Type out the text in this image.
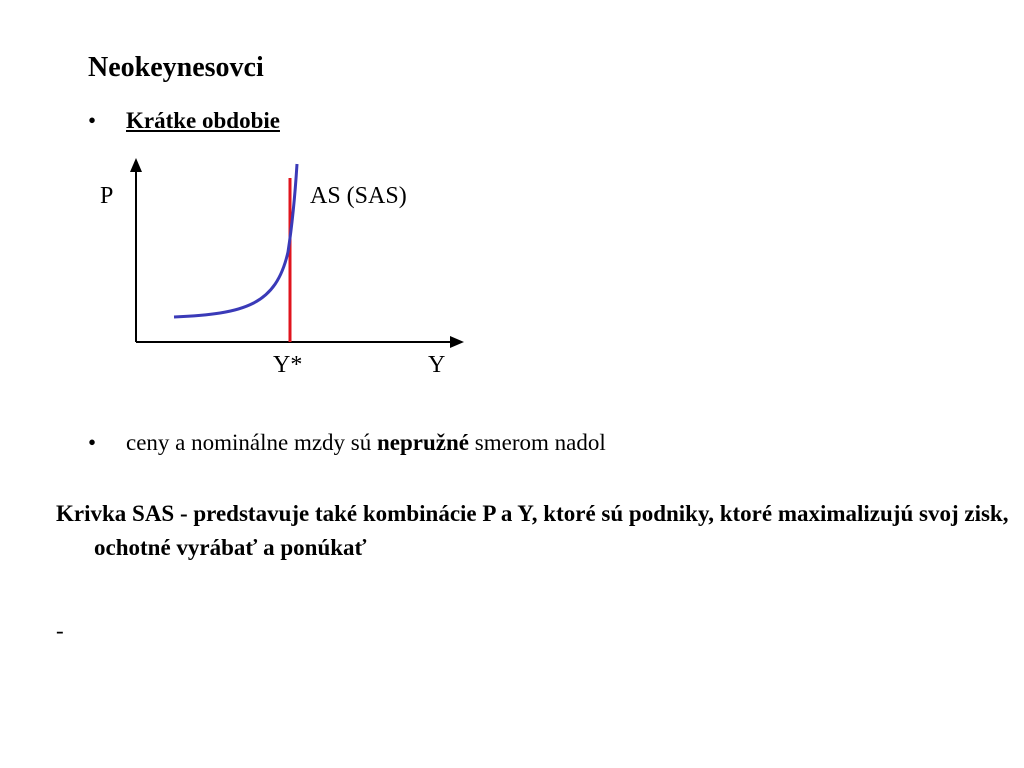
Neokeynesovci
• Krátke obdobie
P	AS (SAS)
Y*	Y
• ceny a nominálne mzdy sú nepružné smerom nadol
Krivka SAS - predstavuje také kombinácie P a Y, ktoré sú podniky, ktoré maximalizujú svoj zisk, ochotné vyrábať a ponúkať
-
